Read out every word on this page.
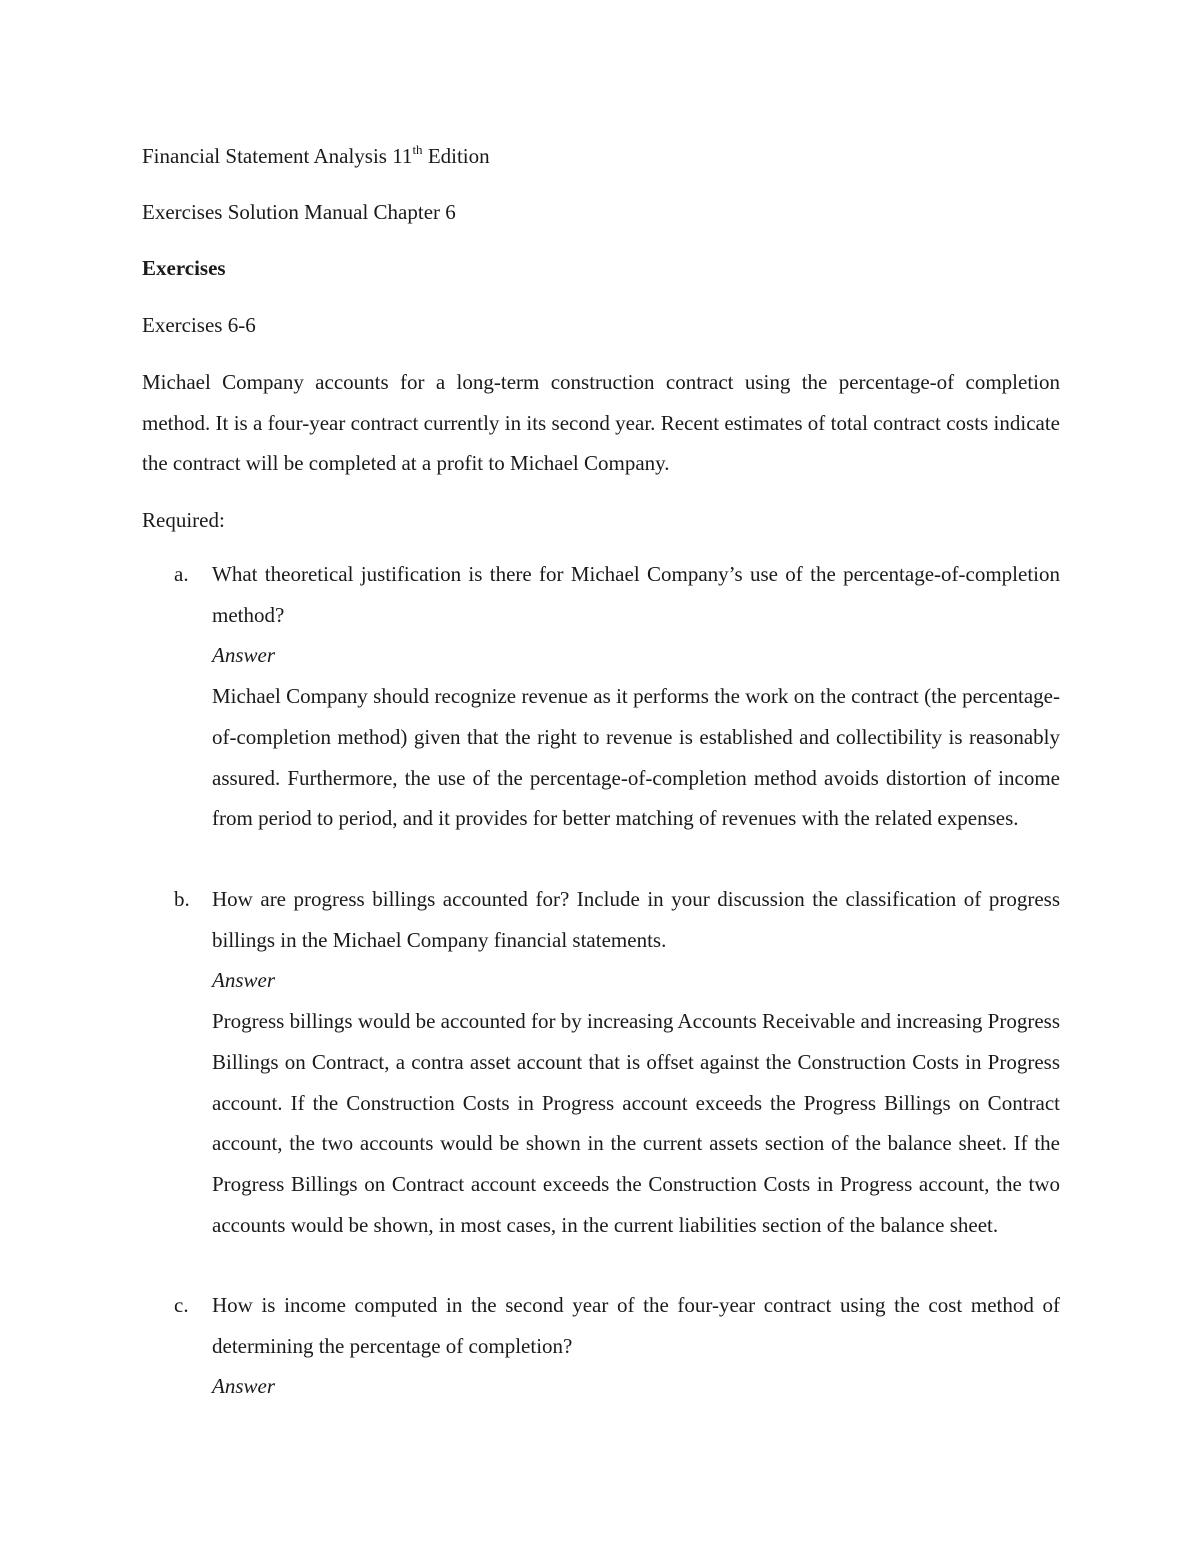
Financial Statement Analysis 11th Edition
Exercises Solution Manual Chapter 6
Exercises
Exercises 6-6
Michael Company accounts for a long-term construction contract using the percentage-of completion method. It is a four-year contract currently in its second year. Recent estimates of total contract costs indicate the contract will be completed at a profit to Michael Company.
Required:
a. What theoretical justification is there for Michael Company’s use of the percentage-of-completion method?
Answer
Michael Company should recognize revenue as it performs the work on the contract (the percentage-of-completion method) given that the right to revenue is established and collectibility is reasonably assured. Furthermore, the use of the percentage-of-completion method avoids distortion of income from period to period, and it provides for better matching of revenues with the related expenses.
b. How are progress billings accounted for? Include in your discussion the classification of progress billings in the Michael Company financial statements.
Answer
Progress billings would be accounted for by increasing Accounts Receivable and increasing Progress Billings on Contract, a contra asset account that is offset against the Construction Costs in Progress account. If the Construction Costs in Progress account exceeds the Progress Billings on Contract account, the two accounts would be shown in the current assets section of the balance sheet. If the Progress Billings on Contract account exceeds the Construction Costs in Progress account, the two accounts would be shown, in most cases, in the current liabilities section of the balance sheet.
c. How is income computed in the second year of the four-year contract using the cost method of determining the percentage of completion?
Answer
